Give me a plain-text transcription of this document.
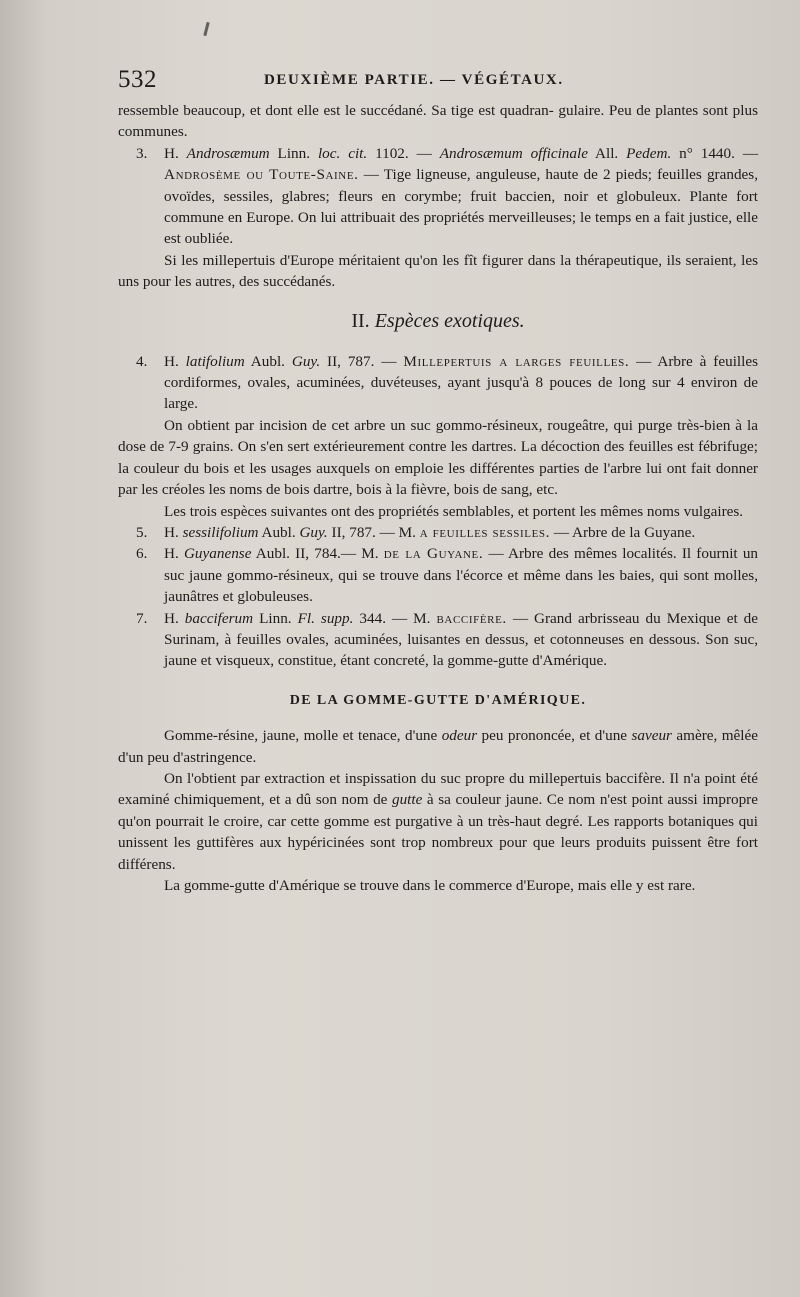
532	DEUXIÈME PARTIE. — VÉGÉTAUX.

ressemble beaucoup, et dont elle est le succédané. Sa tige est quadran- gulaire. Peu de plantes sont plus communes.

3. H. Androsæmum Linn. loc. cit. 1102. — Androsæmum officinale All. Pedem. n° 1440. — Androsème ou Toute-Saine. — Tige ligneuse, anguleuse, haute de 2 pieds; feuilles grandes, ovoïdes, sessiles, glabres; fleurs en corymbe; fruit baccien, noir et globuleux. Plante fort commune en Europe. On lui attribuait des propriétés merveilleuses; le temps en a fait justice, elle est oubliée.

Si les millepertuis d'Europe méritaient qu'on les fît figurer dans la thérapeutique, ils seraient, les uns pour les autres, des succédanés.

II. Espèces exotiques.

4. H. latifolium Aubl. Guy. II, 787. — Millepertuis a larges feuilles. — Arbre à feuilles cordiformes, ovales, acuminées, duvéteuses, ayant jusqu'à 8 pouces de long sur 4 environ de large.

On obtient par incision de cet arbre un suc gommo-résineux, rougeâtre, qui purge très-bien à la dose de 7-9 grains. On s'en sert extérieurement contre les dartres. La décoction des feuilles est fébrifuge; la couleur du bois et les usages auxquels on emploie les différentes parties de l'arbre lui ont fait donner par les créoles les noms de bois dartre, bois à la fièvre, bois de sang, etc.

Les trois espèces suivantes ont des propriétés semblables, et portent les mêmes noms vulgaires.

5. H. sessilifolium Aubl. Guy. II, 787. — M. a feuilles sessiles. — Arbre de la Guyane.

6. H. Guyanense Aubl. II, 784.— M. de la Guyane. — Arbre des mêmes localités. Il fournit un suc jaune gommo-résineux, qui se trouve dans l'écorce et même dans les baies, qui sont molles, jaunâtres et globuleuses.

7. H. bacciferum Linn. Fl. supp. 344. — M. baccifère. — Grand arbrisseau du Mexique et de Surinam, à feuilles ovales, acuminées, luisantes en dessus, et cotonneuses en dessous. Son suc, jaune et visqueux, constitue, étant concreté, la gomme-gutte d'Amérique.

DE LA GOMME-GUTTE D'AMÉRIQUE.

Gomme-résine, jaune, molle et tenace, d'une odeur peu prononcée, et d'une saveur amère, mêlée d'un peu d'astringence.

On l'obtient par extraction et inspissation du suc propre du millepertuis baccifère. Il n'a point été examiné chimiquement, et a dû son nom de gutte à sa couleur jaune. Ce nom n'est point aussi impropre qu'on pourrait le croire, car cette gomme est purgative à un très-haut degré. Les rapports botaniques qui unissent les guttifères aux hypéricinées sont trop nombreux pour que leurs produits puissent être fort différens.

La gomme-gutte d'Amérique se trouve dans le commerce d'Europe, mais elle y est rare.
